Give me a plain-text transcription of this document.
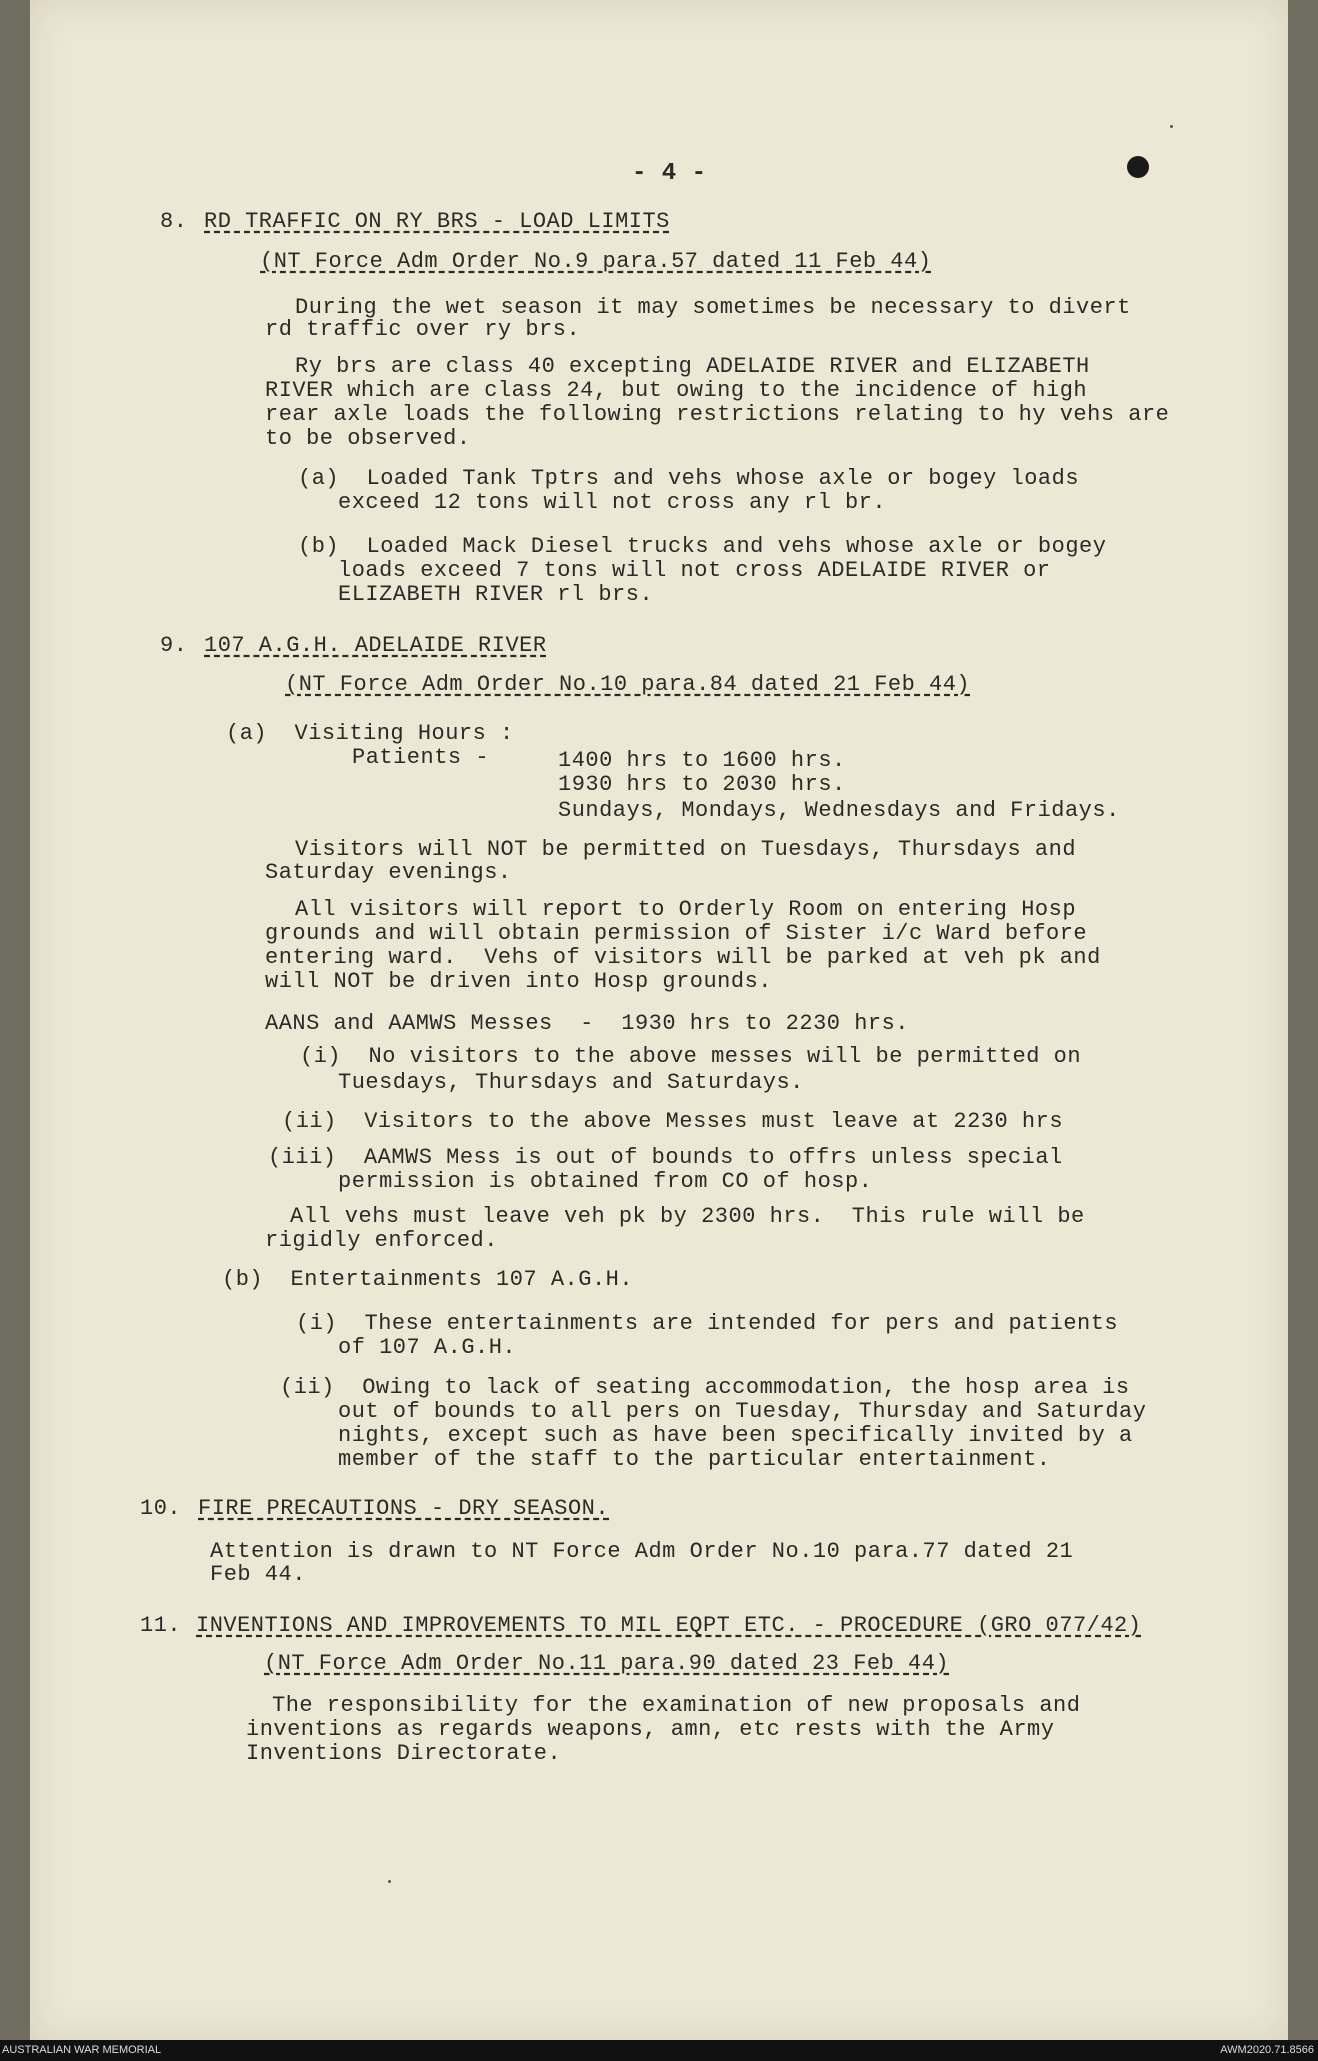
- 4 -
8. RD TRAFFIC ON RY BRS - LOAD LIMITS
(NT Force Adm Order No.9 para.57 dated 11 Feb 44)
During the wet season it may sometimes be necessary to divert
rd traffic over ry brs.
Ry brs are class 40 excepting ADELAIDE RIVER and ELIZABETH
RIVER which are class 24, but owing to the incidence of high
rear axle loads the following restrictions relating to hy vehs are
to be observed.
(a)  Loaded Tank Tptrs and vehs whose axle or bogey loads
exceed 12 tons will not cross any rl br.
(b)  Loaded Mack Diesel trucks and vehs whose axle or bogey
loads exceed 7 tons will not cross ADELAIDE RIVER or
ELIZABETH RIVER rl brs.
9. 107 A.G.H. ADELAIDE RIVER
(NT Force Adm Order No.10 para.84 dated 21 Feb 44)
(a)  Visiting Hours :
Patients -	1400 hrs to 1600 hrs.
1930 hrs to 2030 hrs.
Sundays, Mondays, Wednesdays and Fridays.
Visitors will NOT be permitted on Tuesdays, Thursdays and
Saturday evenings.
All visitors will report to Orderly Room on entering Hosp
grounds and will obtain permission of Sister i/c Ward before
entering ward.  Vehs of visitors will be parked at veh pk and
will NOT be driven into Hosp grounds.
AANS and AAMWS Messes  -  1930 hrs to 2230 hrs.
(i)  No visitors to the above messes will be permitted on
Tuesdays, Thursdays and Saturdays.
(ii)  Visitors to the above Messes must leave at 2230 hrs
(iii)  AAMWS Mess is out of bounds to offrs unless special
permission is obtained from CO of hosp.
All vehs must leave veh pk by 2300 hrs.  This rule will be
rigidly enforced.
(b)  Entertainments 107 A.G.H.
(i)  These entertainments are intended for pers and patients
of 107 A.G.H.
(ii)  Owing to lack of seating accommodation, the hosp area is
out of bounds to all pers on Tuesday, Thursday and Saturday
nights, except such as have been specifically invited by a
member of the staff to the particular entertainment.
10. FIRE PRECAUTIONS - DRY SEASON.
Attention is drawn to NT Force Adm Order No.10 para.77 dated 21
Feb 44.
11. INVENTIONS AND IMPROVEMENTS TO MIL EQPT ETC. - PROCEDURE (GRO 077/42)
(NT Force Adm Order No.11 para.90 dated 23 Feb 44)
The responsibility for the examination of new proposals and
inventions as regards weapons, amn, etc rests with the Army
Inventions Directorate.
AUSTRALIAN WAR MEMORIAL	AWM2020.71.8566
